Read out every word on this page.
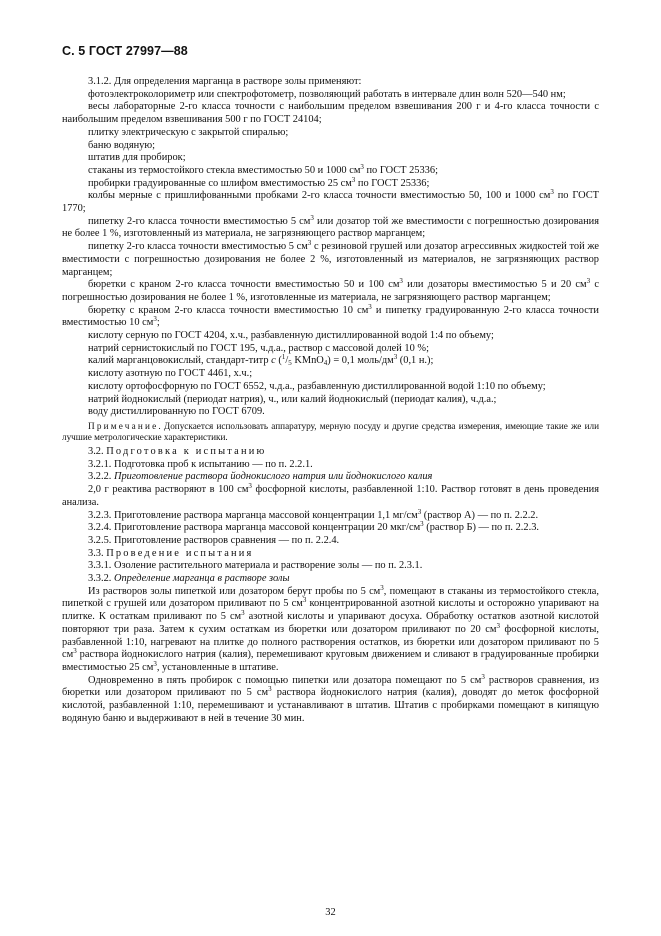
С. 5 ГОСТ 27997—88

3.1.2. Для определения марганца в растворе золы применяют:

фотоэлектроколориметр или спектрофотометр, позволяющий работать в интервале длин волн 520—540 нм;

весы лабораторные 2-го класса точности с наибольшим пределом взвешивания 200 г и 4-го класса точности с наибольшим пределом взвешивания 500 г по ГОСТ 24104;

плитку электрическую с закрытой спиралью;

баню водяную;

штатив для пробирок;

стаканы из термостойкого стекла вместимостью 50 и 1000 $см^3$ по ГОСТ 25336;

пробирки градуированные со шлифом вместимостью 25 $см^3$ по ГОСТ 25336;

колбы мерные с пришлифованными пробками 2-го класса точности вместимостью 50, 100 и 1000 $см^3$ по ГОСТ 1770;

пипетку 2-го класса точности вместимостью 5 $см^3$ или дозатор той же вместимости с погрешностью дозирования не более 1 %, изготовленный из материала, не загрязняющего раствор марганцем;

пипетку 2-го класса точности вместимостью 5 $см^3$ с резиновой грушей или дозатор агрессивных жидкостей той же вместимости с погрешностью дозирования не более 2 %, изготовленный из материалов, не загрязняющих раствор марганцем;

бюретки с краном 2-го класса точности вместимостью 50 и 100 $см^3$ или дозаторы вместимостью 5 и 20 $см^3$ с погрешностью дозирования не более 1 %, изготовленные из материала, не загрязняющего раствор марганцем;

бюретку с краном 2-го класса точности вместимостью 10 $см^3$ и пипетку градуированную 2-го класса точности вместимостью 10 $см^3$;

кислоту серную по ГОСТ 4204, х.ч., разбавленную дистиллированной водой 1:4 по объему;

натрий сернистокислый по ГОСТ 195, ч.д.а., раствор с массовой долей 10 %;

калий марганцовокислый, стандарт-титр c ($^1/_5$ KMnO$_4$) = 0,1 моль/$дм^3$ (0,1 н.);

кислоту азотную по ГОСТ 4461, х.ч.;

кислоту ортофосфорную по ГОСТ 6552, ч.д.а., разбавленную дистиллированной водой 1:10 по объему;

натрий йоднокислый (периодат натрия), ч., или калий йоднокислый (периодат калия), ч.д.а.;

воду дистиллированную по ГОСТ 6709.

Примечание. Допускается использовать аппаратуру, мерную посуду и другие средства измерения, имеющие такие же или лучшие метрологические характеристики.

3.2. Подготовка к испытанию

3.2.1. Подготовка проб к испытанию — по п. 2.2.1.

3.2.2. Приготовление раствора йоднокислого натрия или йоднокислого калия

2,0 г реактива растворяют в 100 $см^3$ фосфорной кислоты, разбавленной 1:10. Раствор готовят в день проведения анализа.

3.2.3. Приготовление раствора марганца массовой концентрации 1,1 $мг/см^3$ (раствор А) — по п. 2.2.2.

3.2.4. Приготовление раствора марганца массовой концентрации 20 мкг/$см^3$ (раствор Б) — по п. 2.2.3.

3.2.5. Приготовление растворов сравнения — по п. 2.2.4.

3.3. Проведение испытания

3.3.1. Озоление растительного материала и растворение золы — по п. 2.3.1.

3.3.2. Определение марганца в растворе золы

Из растворов золы пипеткой или дозатором берут пробы по 5 $см^3$, помещают в стаканы из термостойкого стекла, пипеткой с грушей или дозатором приливают по 5 $см^3$ концентрированной азотной кислоты и осторожно упаривают на плитке. К остаткам приливают по 5 $см^3$ азотной кислоты и упаривают досуха. Обработку остатков азотной кислотой повторяют три раза. Затем к сухим остаткам из бюретки или дозатором приливают по 20 $см^3$ фосфорной кислоты, разбавленной 1:10, нагревают на плитке до полного растворения остатков, из бюретки или дозатором приливают по 5 $см^3$ раствора йоднокислого натрия (калия), перемешивают круговым движением и сливают в градуированные пробирки вместимостью 25 $см^3$, установленные в штативе.

Одновременно в пять пробирок с помощью пипетки или дозатора помещают по 5 $см^3$ растворов сравнения, из бюретки или дозатором приливают по 5 $см^3$ раствора йоднокислого натрия (калия), доводят до меток фосфорной кислотой, разбавленной 1:10, перемешивают и устанавливают в штатив. Штатив с пробирками помещают в кипящую водяную баню и выдерживают в ней в течение 30 мин.

32
